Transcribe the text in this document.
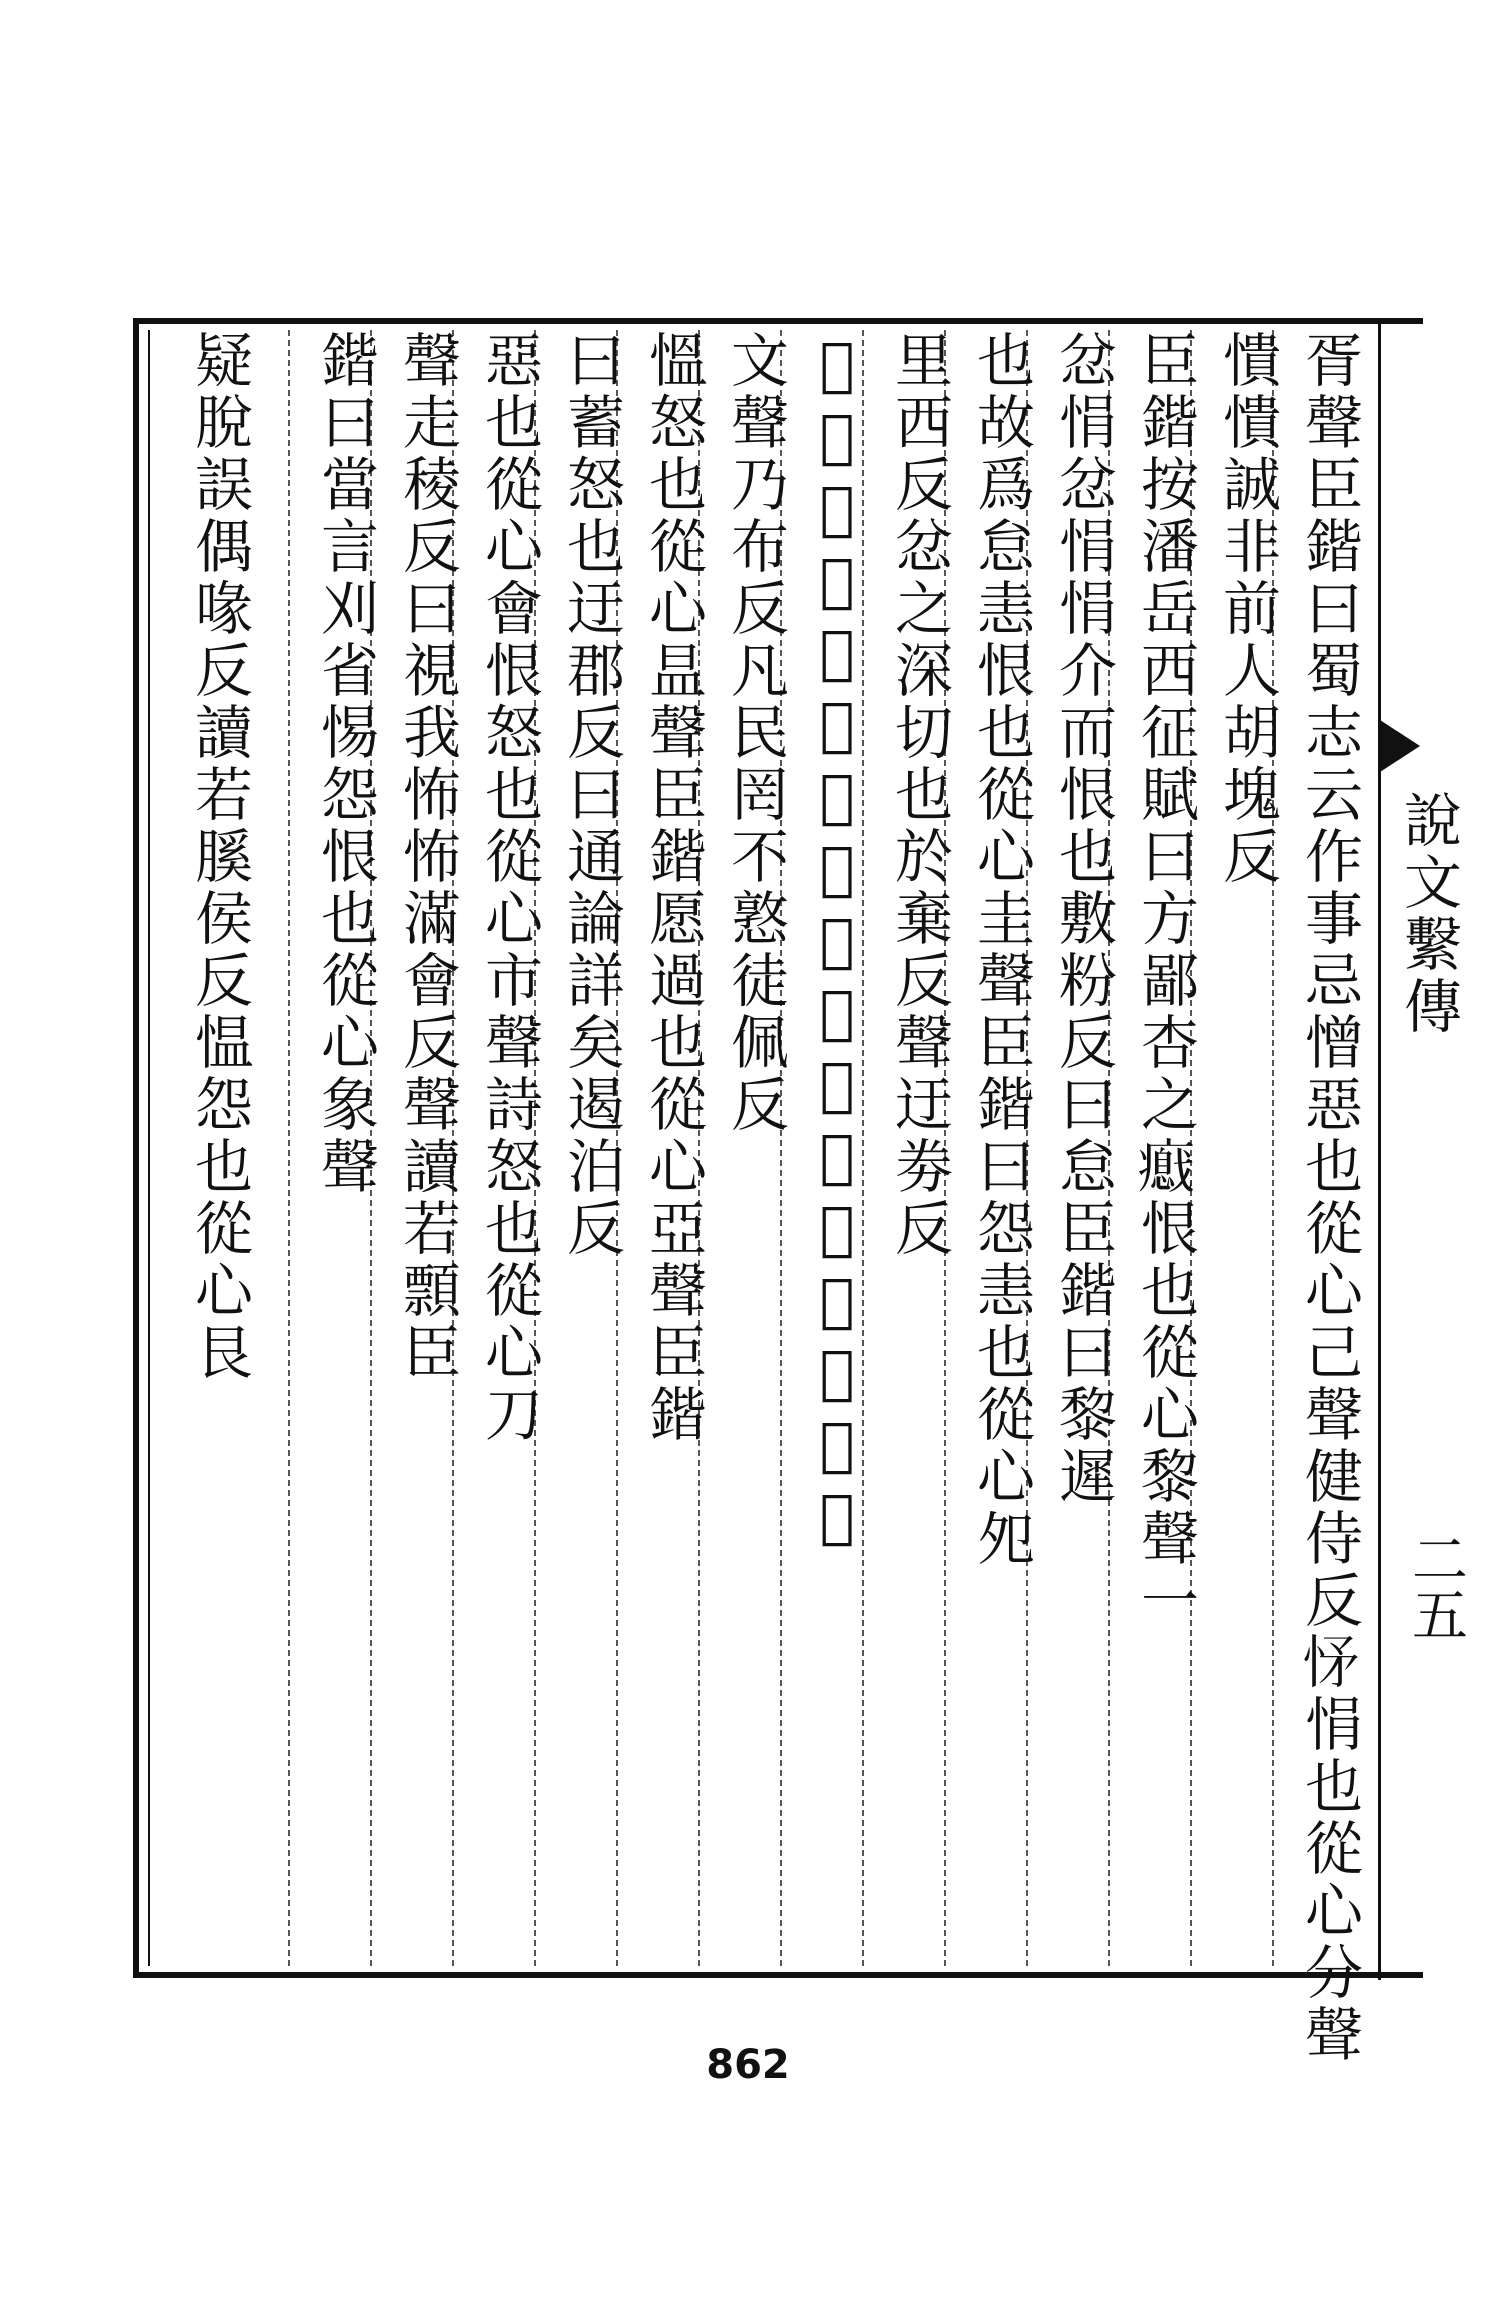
說文繫傳
二五
胥聲臣鍇曰蜀志云作事忌憎惡也從心己聲健侍反𢘕悁也從心分聲
憒憒誠非前人胡塊反
臣鍇按潘岳西征賦曰方鄙杏之𤻦恨也從心黎聲一
忿悁忿悁悁介而恨也敷粉反曰怠臣鍇曰黎遲
也故爲怠恚恨也從心圭聲臣鍇曰怨恚也從心夗
里西反忿之深切也於棄反聲迂劵反
𢗣古文恚也從心奴怨也從心敦聲周書曰
文聲乃布反凡民罔不憝徒佩反
慍怒也從心昷聲臣鍇愿過也從心亞聲臣鍇
曰蓄怒也迂郡反曰通論詳矣遏泊反
惡也從心會恨怒也從心市聲詩怒也從心刀
聲走稜反曰視我怖怖滿會反聲讀若顠臣
鍇曰當言刈省惕怨恨也從心象聲
疑脫誤偶喙反讀若膎侯反愠怨也從心艮
862
